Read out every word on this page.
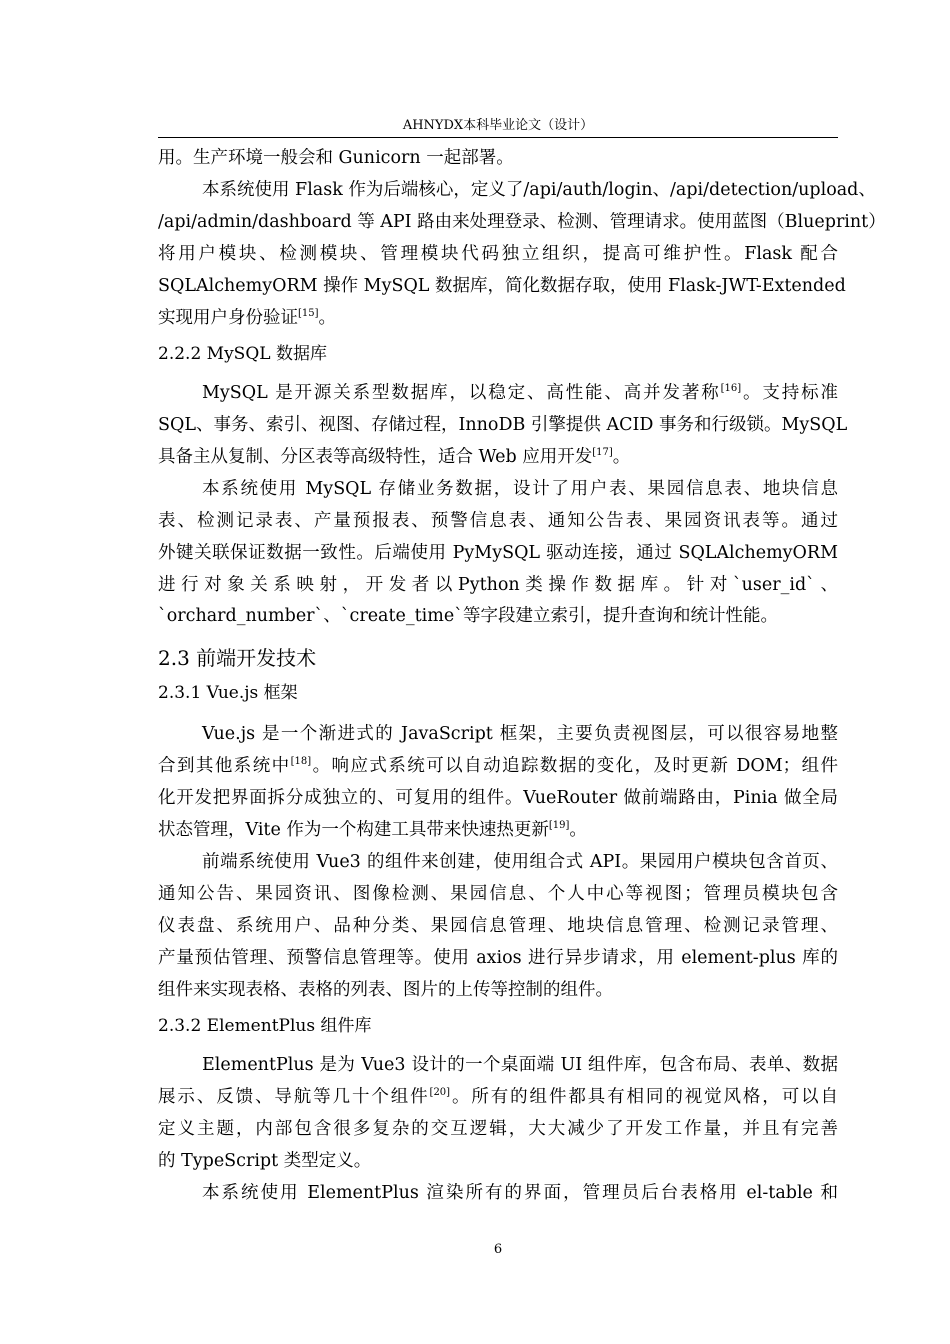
AHNYDX本科毕业论文（设计）
用。生产环境一般会和 Gunicorn 一起部署。
本系统使用 Flask 作为后端核心，定义了/api/auth/login、/api/detection/upload、
/api/admin/dashboard 等 API 路由来处理登录、检测、管理请求。使用蓝图（Blueprint）
将用户模块、检测模块、管理模块代码独立组织，提高可维护性。Flask 配合
SQLAlchemyORM 操作 MySQL 数据库，简化数据存取，使用 Flask-JWT-Extended
实现用户身份验证[15]。
2.2.2 MySQL 数据库
MySQL 是开源关系型数据库，以稳定、高性能、高并发著称[16]。支持标准
SQL、事务、索引、视图、存储过程，InnoDB 引擎提供 ACID 事务和行级锁。MySQL
具备主从复制、分区表等高级特性，适合 Web 应用开发[17]。
本系统使用 MySQL 存储业务数据，设计了用户表、果园信息表、地块信息
表、检测记录表、产量预报表、预警信息表、通知公告表、果园资讯表等。通过
外键关联保证数据一致性。后端使用 PyMySQL 驱动连接，通过 SQLAlchemyORM
进 行 对 象 关 系 映 射 ， 开 发 者 以 Python 类 操 作 数 据 库 。 针 对 `user_id` 、
`orchard_number`、`create_time`等字段建立索引，提升查询和统计性能。
2.3 前端开发技术
2.3.1 Vue.js 框架
Vue.js 是一个渐进式的 JavaScript 框架，主要负责视图层，可以很容易地整
合到其他系统中[18]。响应式系统可以自动追踪数据的变化，及时更新 DOM；组件
化开发把界面拆分成独立的、可复用的组件。VueRouter 做前端路由，Pinia 做全局
状态管理，Vite 作为一个构建工具带来快速热更新[19]。
前端系统使用 Vue3 的组件来创建，使用组合式 API。果园用户模块包含首页、
通知公告、果园资讯、图像检测、果园信息、个人中心等视图；管理员模块包含
仪表盘、系统用户、品种分类、果园信息管理、地块信息管理、检测记录管理、
产量预估管理、预警信息管理等。使用 axios 进行异步请求，用 element-plus 库的
组件来实现表格、表格的列表、图片的上传等控制的组件。
2.3.2 ElementPlus 组件库
ElementPlus 是为 Vue3 设计的一个桌面端 UI 组件库，包含布局、表单、数据
展示、反馈、导航等几十个组件[20]。所有的组件都具有相同的视觉风格，可以自
定义主题，内部包含很多复杂的交互逻辑，大大减少了开发工作量，并且有完善
的 TypeScript 类型定义。
本系统使用 ElementPlus 渲染所有的界面，管理员后台表格用 el-table 和
6
